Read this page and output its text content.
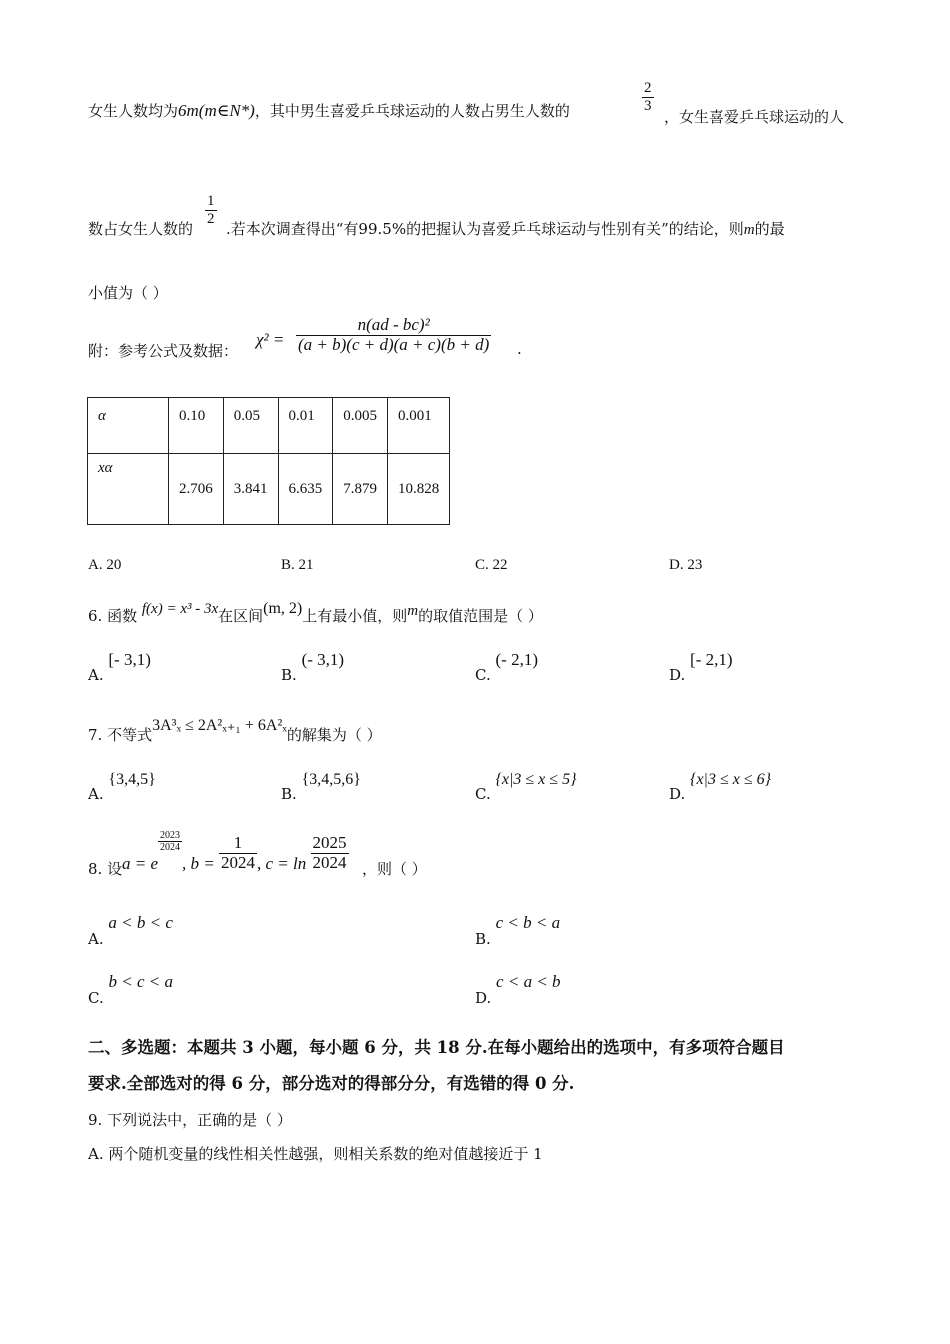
女生人数均为6m(m∈N*)，其中男生喜爱乒乓球运动的人数占男生人数的	$\frac{2}{3}$
，女生喜爱乒乓球运动的人
数占女生人数的
$\frac{1}{2}$
.若本次调查得出“有99.5%的把握认为喜爱乒乓球运动与性别有关”的结论，则m的最
小值为（ ）
附：参考公式及数据：
$\chi^2 = \frac{\text{n(ad - bc)²}}{(a + b)(c + d)(a + c)(b + d)}$ .
α	0.10	0.05	0.01	0.005	0.001
xα	2.706	3.841	6.635	7.879	10.828
A. 20	B. 21	C. 22	D. 23
6. 函数 f(x) = x³ - 3x在区间(m, 2)上有最小值，则m的取值范围是（ ）
A. [- 3,1)
B. (- 3,1)
C. (- 2,1)
D. [- 2,1)
7. 不等式3A³ₓ ≤ 2A²ₓ₊₁ + 6A²ₓ的解集为（ ）
A. {3,4,5}
B. {3,4,5,6}
C. {x|3 ≤ x ≤ 5}
D. {x|3 ≤ x ≤ 6}
8. 设 a = e
$\frac{2023}{2024}$
, $b = \frac{1}{2024}$ , $c = \ln \frac{2025}{2024}$ ，则（ ）
A. a < b < c
B. c < b < a
C. b < c < a
D. c < a < b
二、多选题：本题共 3 小题，每小题 6 分，共 18 分.在每小题给出的选项中，有多项符合题目
要求.全部选对的得 6 分，部分选对的得部分分，有选错的得 0 分.
9. 下列说法中，正确的是（ ）
A. 两个随机变量的线性相关性越强，则相关系数的绝对值越接近于 1
